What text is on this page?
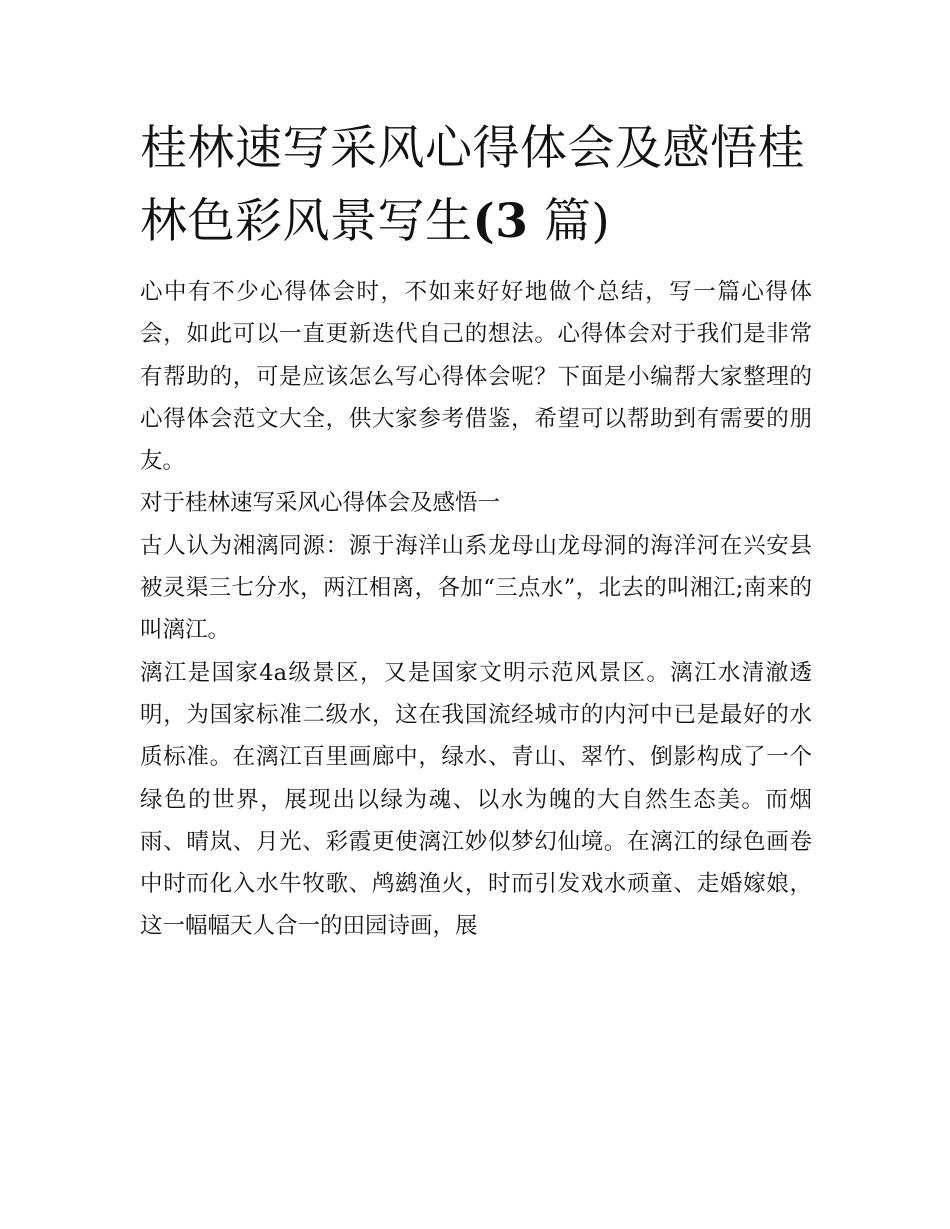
桂林速写采风心得体会及感悟桂林色彩风景写生(3 篇)

心中有不少心得体会时，不如来好好地做个总结，写一篇心得体会，如此可以一直更新迭代自己的想法。心得体会对于我们是非常有帮助的，可是应该怎么写心得体会呢？下面是小编帮大家整理的心得体会范文大全，供大家参考借鉴，希望可以帮助到有需要的朋友。

对于桂林速写采风心得体会及感悟一

古人认为湘漓同源：源于海洋山系龙母山龙母洞的海洋河在兴安县被灵渠三七分水，两江相离，各加“三点水”，北去的叫湘江;南来的叫漓江。

漓江是国家4a级景区，又是国家文明示范风景区。漓江水清澈透明，为国家标准二级水，这在我国流经城市的内河中已是最好的水质标准。在漓江百里画廊中，绿水、青山、翠竹、倒影构成了一个绿色的世界，展现出以绿为魂、以水为魄的大自然生态美。而烟雨、晴岚、月光、彩霞更使漓江妙似梦幻仙境。在漓江的绿色画卷中时而化入水牛牧歌、鸬鹚渔火，时而引发戏水顽童、走婚嫁娘，这一幅幅天人合一的田园诗画，展
